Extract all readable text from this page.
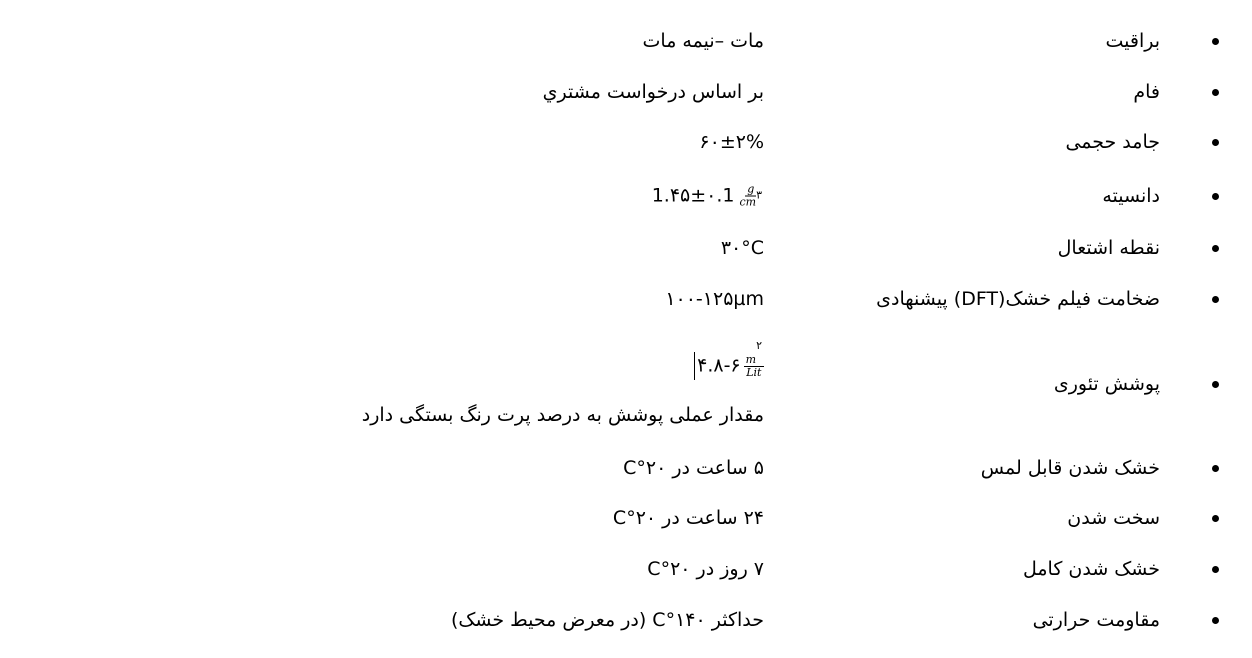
براقیت
مات –نیمه مات
فام
بر اساس درخواست مشتري
جامد حجمی
۶۰±۲%
دانسیته
1.۴۵±۰.1 $\frac{g}{cm۳}$
نقطه اشتعال
۳۰°C
ضخامت فیلم خشک(DFT) پیشنهادی
۱۰۰-۱۲۵µm
پوشش تئوری
۴.۸-۶ $\frac{m۲}{\text{Lit}}$
مقدار عملی پوشش به درصد پرت رنگ بستگی دارد
خشک شدن قابل لمس
۵ ساعت در ۲۰°C
سخت شدن
۲۴ ساعت در ۲۰°C
خشک شدن کامل
۷ روز در ۲۰°C
مقاومت حرارتی
حداکثر ۱۴۰°C (در معرض محیط خشک)
